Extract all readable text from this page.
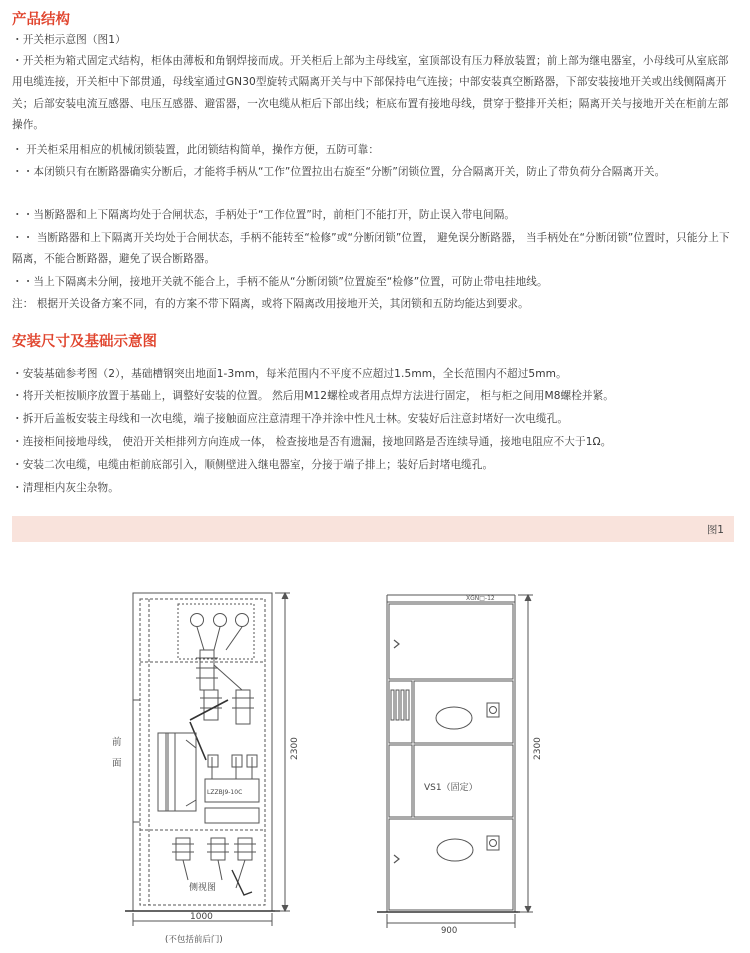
产品结构

・开关柜示意图（图1）

・开关柜为箱式固定式结构，柜体由薄板和角钢焊接而成。开关柜后上部为主母线室，室顶部设有压力释放装置；前上部为继电器室，小母线可从室底部用电缆连接，开关柜中下部贯通，母线室通过GN30型旋转式隔离开关与中下部保持电气连接；中部安装真空断路器，下部安装接地开关或出线侧隔离开关；后部安装电流互感器、电压互感器、避雷器，一次电缆从柜后下部出线；柜底布置有接地母线，贯穿于整排开关柜；隔离开关与接地开关在柜前左部操作。

・ 开关柜采用相应的机械闭锁装置，此闭锁结构简单，操作方便，五防可靠：

・・本闭锁只有在断路器确实分断后，才能将手柄从“工作”位置拉出右旋至“分断”闭锁位置，分合隔离开关，防止了带负荷分合隔离开关。

・・当断路器和上下隔离均处于合闸状态，手柄处于“工作位置”时，前柜门不能打开，防止误入带电间隔。

・・ 当断路器和上下隔离开关均处于合闸状态，手柄不能转至“检修”或“分断闭锁”位置， 避免误分断路器， 当手柄处在“分断闭锁”位置时，只能分上下隔离，不能合断路器，避免了误合断路器。

・・当上下隔离未分闸，接地开关就不能合上，手柄不能从“分断闭锁”位置旋至“检修”位置，可防止带电挂地线。

注： 根据开关设备方案不同，有的方案不带下隔离，或将下隔离改用接地开关，其闭锁和五防均能达到要求。

安装尺寸及基础示意图

・安装基础参考图（2），基础槽钢突出地面1-3mm，每米范围内不平度不应超过1.5mm，全长范围内不超过5mm。

・将开关柜按顺序放置于基础上，调整好安装的位置。 然后用M12螺栓或者用点焊方法进行固定， 柜与柜之间用M8螺栓并紧。

・拆开后盖板安装主母线和一次电缆，端子接触面应注意清理干净并涂中性凡士林。安装好后注意封堵好一次电缆孔。

・连接柜间接地母线， 使沿开关柜排列方向连成一体， 检查接地是否有遗漏，接地回路是否连续导通，接地电阻应不大于1Ω。

・安装二次电缆，电缆由柜前底部引入，顺侧壁进入继电器室，分接于端子排上；装好后封堵电缆孔。

・清理柜内灰尘杂物。

图1
前
面
LZZBJ9-10C
侧视图
2300
1000
(不包括前后门)
XGN□-12
VS1（固定）
2300
900
